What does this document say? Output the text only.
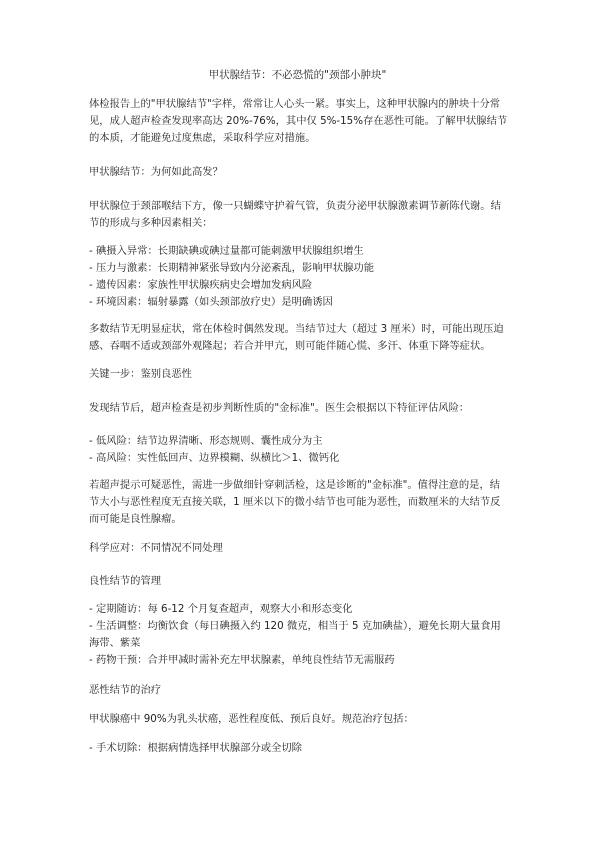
甲状腺结节：不必恐慌的"颈部小肿块"
体检报告上的"甲状腺结节"字样，常常让人心头一紧。事实上，这种甲状腺内的肿块十分常
见，成人超声检查发现率高达 20%-76%，其中仅 5%-15%存在恶性可能。了解甲状腺结节
的本质，才能避免过度焦虑，采取科学应对措施。
甲状腺结节：为何如此高发？
甲状腺位于颈部喉结下方，像一只蝴蝶守护着气管，负责分泌甲状腺激素调节新陈代谢。结
节的形成与多种因素相关：
- 碘摄入异常：长期缺碘或碘过量都可能刺激甲状腺组织增生
- 压力与激素：长期精神紧张导致内分泌紊乱，影响甲状腺功能
- 遗传因素：家族性甲状腺疾病史会增加发病风险
- 环境因素：辐射暴露（如头颈部放疗史）是明确诱因
多数结节无明显症状，常在体检时偶然发现。当结节过大（超过 3 厘米）时，可能出现压迫
感、吞咽不适或颈部外观隆起；若合并甲亢，则可能伴随心慌、多汗、体重下降等症状。
关键一步：鉴别良恶性
发现结节后，超声检查是初步判断性质的"金标准"。医生会根据以下特征评估风险：
- 低风险：结节边界清晰、形态规则、囊性成分为主
- 高风险：实性低回声、边界模糊、纵横比＞1、微钙化
若超声提示可疑恶性，需进一步做细针穿刺活检，这是诊断的"金标准"。值得注意的是，结
节大小与恶性程度无直接关联，1 厘米以下的微小结节也可能为恶性，而数厘米的大结节反
而可能是良性腺瘤。
科学应对：不同情况不同处理
良性结节的管理
- 定期随访：每 6-12 个月复查超声，观察大小和形态变化
- 生活调整：均衡饮食（每日碘摄入约 120 微克，相当于 5 克加碘盐），避免长期大量食用
海带、紫菜
- 药物干预：合并甲减时需补充左甲状腺素，单纯良性结节无需服药
恶性结节的治疗
甲状腺癌中 90%为乳头状癌，恶性程度低、预后良好。规范治疗包括：
- 手术切除：根据病情选择甲状腺部分或全切除
